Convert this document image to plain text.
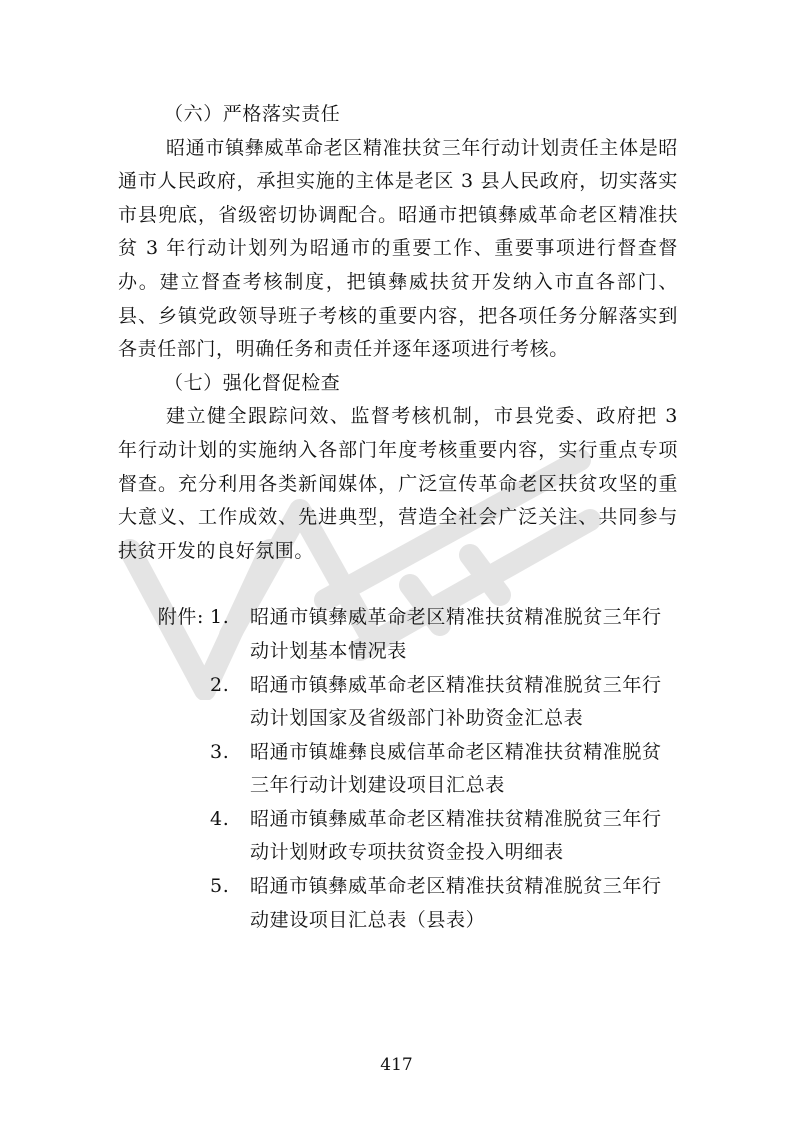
（六）严格落实责任

昭通市镇彝威革命老区精准扶贫三年行动计划责任主体是昭通市人民政府，承担实施的主体是老区 3 县人民政府，切实落实市县兜底，省级密切协调配合。昭通市把镇彝威革命老区精准扶贫 3 年行动计划列为昭通市的重要工作、重要事项进行督查督办。建立督查考核制度，把镇彝威扶贫开发纳入市直各部门、县、乡镇党政领导班子考核的重要内容，把各项任务分解落实到各责任部门，明确任务和责任并逐年逐项进行考核。

（七）强化督促检查

建立健全跟踪问效、监督考核机制，市县党委、政府把 3 年行动计划的实施纳入各部门年度考核重要内容，实行重点专项督查。充分利用各类新闻媒体，广泛宣传革命老区扶贫攻坚的重大意义、工作成效、先进典型，营造全社会广泛关注、共同参与扶贫开发的良好氛围。

附件: 1.	昭通市镇彝威革命老区精准扶贫精准脱贫三年行动计划基本情况表
2.	昭通市镇彝威革命老区精准扶贫精准脱贫三年行动计划国家及省级部门补助资金汇总表
3.	昭通市镇雄彝良威信革命老区精准扶贫精准脱贫三年行动计划建设项目汇总表
4.	昭通市镇彝威革命老区精准扶贫精准脱贫三年行动计划财政专项扶贫资金投入明细表
5.	昭通市镇彝威革命老区精准扶贫精准脱贫三年行动建设项目汇总表（县表）
417
